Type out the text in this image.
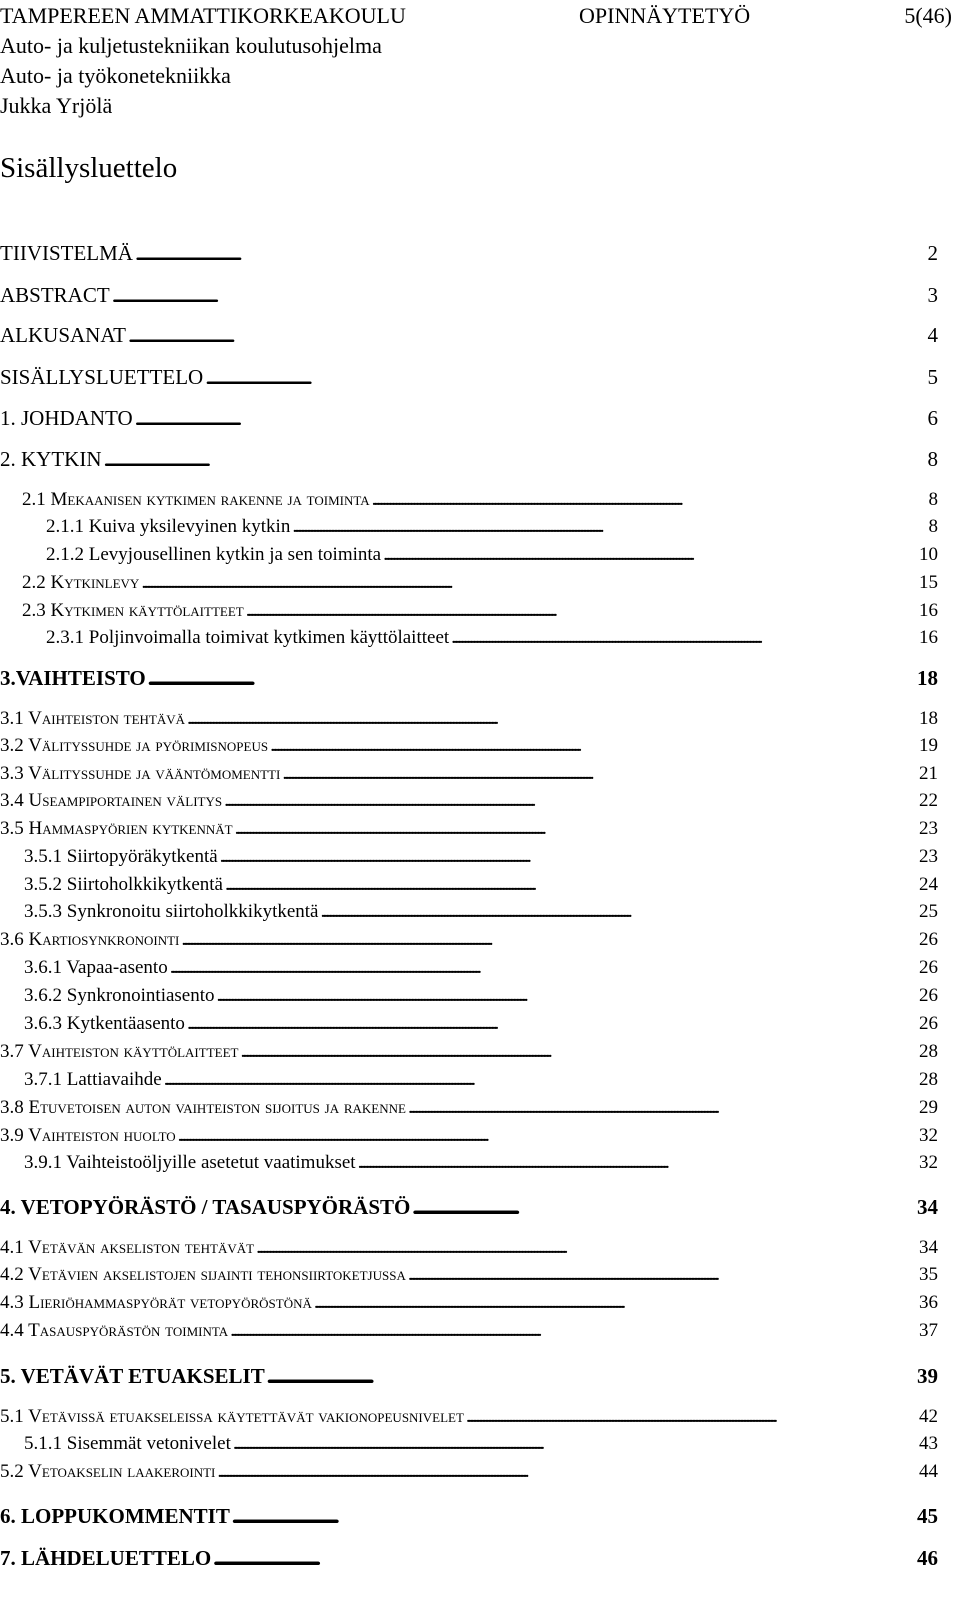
TAMPEREEN AMMATTIKORKEAKOULU	OPINNÄYTETYÖ	5(46)
Auto- ja kuljetustekniikan koulutusohjelma
Auto- ja työkonetekniikka
Jukka Yrjölä
Sisällysluettelo
TIIVISTELMÄ . . .	2
ABSTRACT . . .	3
ALKUSANAT . . .	4
SISÄLLYSLUETTELO . . .	5
1. JOHDANTO . . .	6
2. KYTKIN . . .	8
2.1 Mekaanisen kytkimen rakenne ja toiminta . . .	8
2.1.1 Kuiva yksilevyinen kytkin . . .	8
2.1.2 Levyjousellinen kytkin ja sen toiminta . . .	10
2.2 Kytkinlevy . . .	15
2.3 Kytkimen käyttölaitteet . . .	16
2.3.1 Poljinvoimalla toimivat kytkimen käyttölaitteet . . .	16
3.VAIHTEISTO . . .	18
3.1 Vaihteiston tehtävä . . .	18
3.2 Välityssuhde ja pyörimisnopeus . . .	19
3.3 Välityssuhde ja vääntömomentti . . .	21
3.4 Useampiportainen välitys . . .	22
3.5 Hammaspyörien kytkennät . . .	23
3.5.1 Siirtopyöräkytkentä . . .	23
3.5.2 Siirtoholkkikytkentä . . .	24
3.5.3 Synkronoitu siirtoholkkikytkentä . . .	25
3.6 Kartiosynkronointi . . .	26
3.6.1 Vapaa-asento . . .	26
3.6.2 Synkronointiasento . . .	26
3.6.3 Kytkentäasento . . .	26
3.7 Vaihteiston käyttölaitteet . . .	28
3.7.1 Lattiavaihde . . .	28
3.8 Etuvetoisen auton vaihteiston sijoitus ja rakenne . . .	29
3.9 Vaihteiston huolto . . .	32
3.9.1 Vaihteistoöljyille asetetut vaatimukset . . .	32
4. VETOPYÖRÄSTÖ / TASAUSPYÖRÄSTÖ . . .	34
4.1 Vetävän akseliston tehtävät . . .	34
4.2 Vetävien akselistojen sijainti tehonsiirtoketjussa . . .	35
4.3 Lieriöhammaspyörät vetopyöröstönä . . .	36
4.4 Tasauspyörästön toiminta . . .	37
5. VETÄVÄT ETUAKSELIT . . .	39
5.1 Vetävissä etuakseleissa käytettävät vakionopeusnivelet . . .	42
5.1.1 Sisemmät vetonivelet . . .	43
5.2 Vetoakselin laakerointi . . .	44
6. LOPPUKOMMENTIT . . .	45
7. LÄHDELUETTELO . . .	46
